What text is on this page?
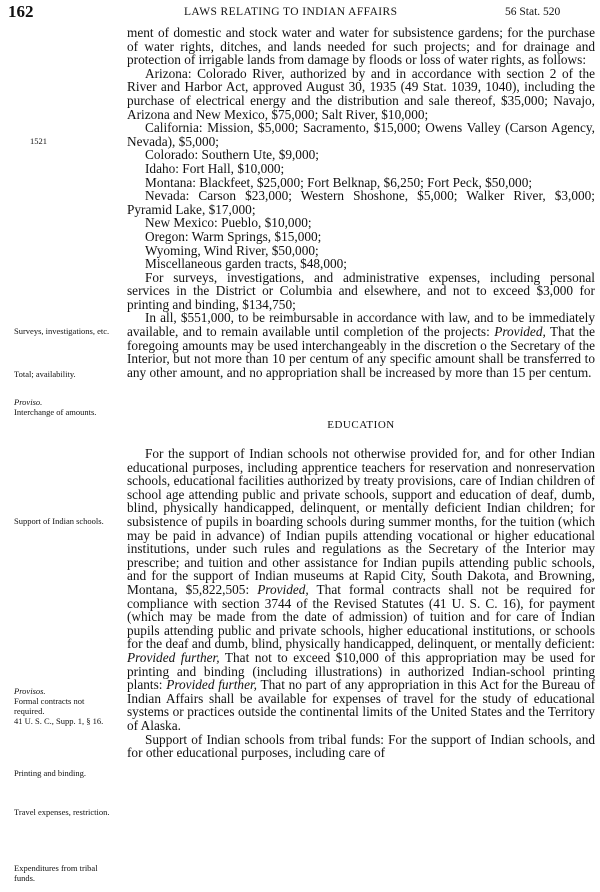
162	LAWS RELATING TO INDIAN AFFAIRS	56 Stat. 520
1521
Surveys, investigations, etc.
Total; availability.
Proviso.
Interchange of amounts.
Support of Indian schools.
Provisos.
Formal contracts not required.
41 U. S. C., Supp. 1, § 16.
Printing and binding.
Travel expenses, restriction.
Expenditures from tribal funds.

ment of domestic and stock water and water for subsistence gardens; for the purchase of water rights, ditches, and lands needed for such projects; and for drainage and protection of irrigable lands from damage by floods or loss of water rights, as follows:

Arizona: Colorado River, authorized by and in accordance with section 2 of the River and Harbor Act, approved August 30, 1935 (49 Stat. 1039, 1040), including the purchase of electrical energy and the distribution and sale thereof, $35,000; Navajo, Arizona and New Mexico, $75,000; Salt River, $10,000;

California: Mission, $5,000; Sacramento, $15,000; Owens Valley (Carson Agency, Nevada), $5,000;

Colorado: Southern Ute, $9,000;

Idaho: Fort Hall, $10,000;

Montana: Blackfeet, $25,000; Fort Belknap, $6,250; Fort Peck, $50,000;

Nevada: Carson $23,000; Western Shoshone, $5,000; Walker River, $3,000; Pyramid Lake, $17,000;

New Mexico: Pueblo, $10,000;

Oregon: Warm Springs, $15,000;

Wyoming, Wind River, $50,000;

Miscellaneous garden tracts, $48,000;

For surveys, investigations, and administrative expenses, including personal services in the District or Columbia and elsewhere, and not to exceed $3,000 for printing and binding, $134,750;

In all, $551,000, to be reimbursable in accordance with law, and to be immediately available, and to remain available until completion of the projects: Provided, That the foregoing amounts may be used interchangeably in the discretion o the Secretary of the Interior, but not more than 10 per centum of any specific amount shall be transferred to any other amount, and no appropriation shall be increased by more than 15 per centum.

EDUCATION

For the support of Indian schools not otherwise provided for, and for other Indian educational purposes, including apprentice teachers for reservation and nonreservation schools, educational facilities authorized by treaty provisions, care of Indian children of school age attending public and private schools, support and education of deaf, dumb, blind, physically handicapped, delinquent, or mentally deficient Indian children; for subsistence of pupils in boarding schools during summer months, for the tuition (which may be paid in advance) of Indian pupils attending vocational or higher educational institutions, under such rules and regulations as the Secretary of the Interior may prescribe; and tuition and other assistance for Indian pupils attending public schools, and for the support of Indian museums at Rapid City, South Dakota, and Browning, Montana, $5,822,505: Provided, That formal contracts shall not be required for compliance with section 3744 of the Revised Statutes (41 U. S. C. 16), for payment (which may be made from the date of admission) of tuition and for care of Indian pupils attending public and private schools, higher educational institutions, or schools for the deaf and dumb, blind, physically handicapped, delinquent, or mentally deficient: Provided further, That not to exceed $10,000 of this appropriation may be used for printing and binding (including illustrations) in authorized Indian-school printing plants: Provided further, That no part of any appropriation in this Act for the Bureau of Indian Affairs shall be available for expenses of travel for the study of educational systems or practices outside the continental limits of the United States and the Territory of Alaska.

Support of Indian schools from tribal funds: For the support of Indian schools, and for other educational purposes, including care of
